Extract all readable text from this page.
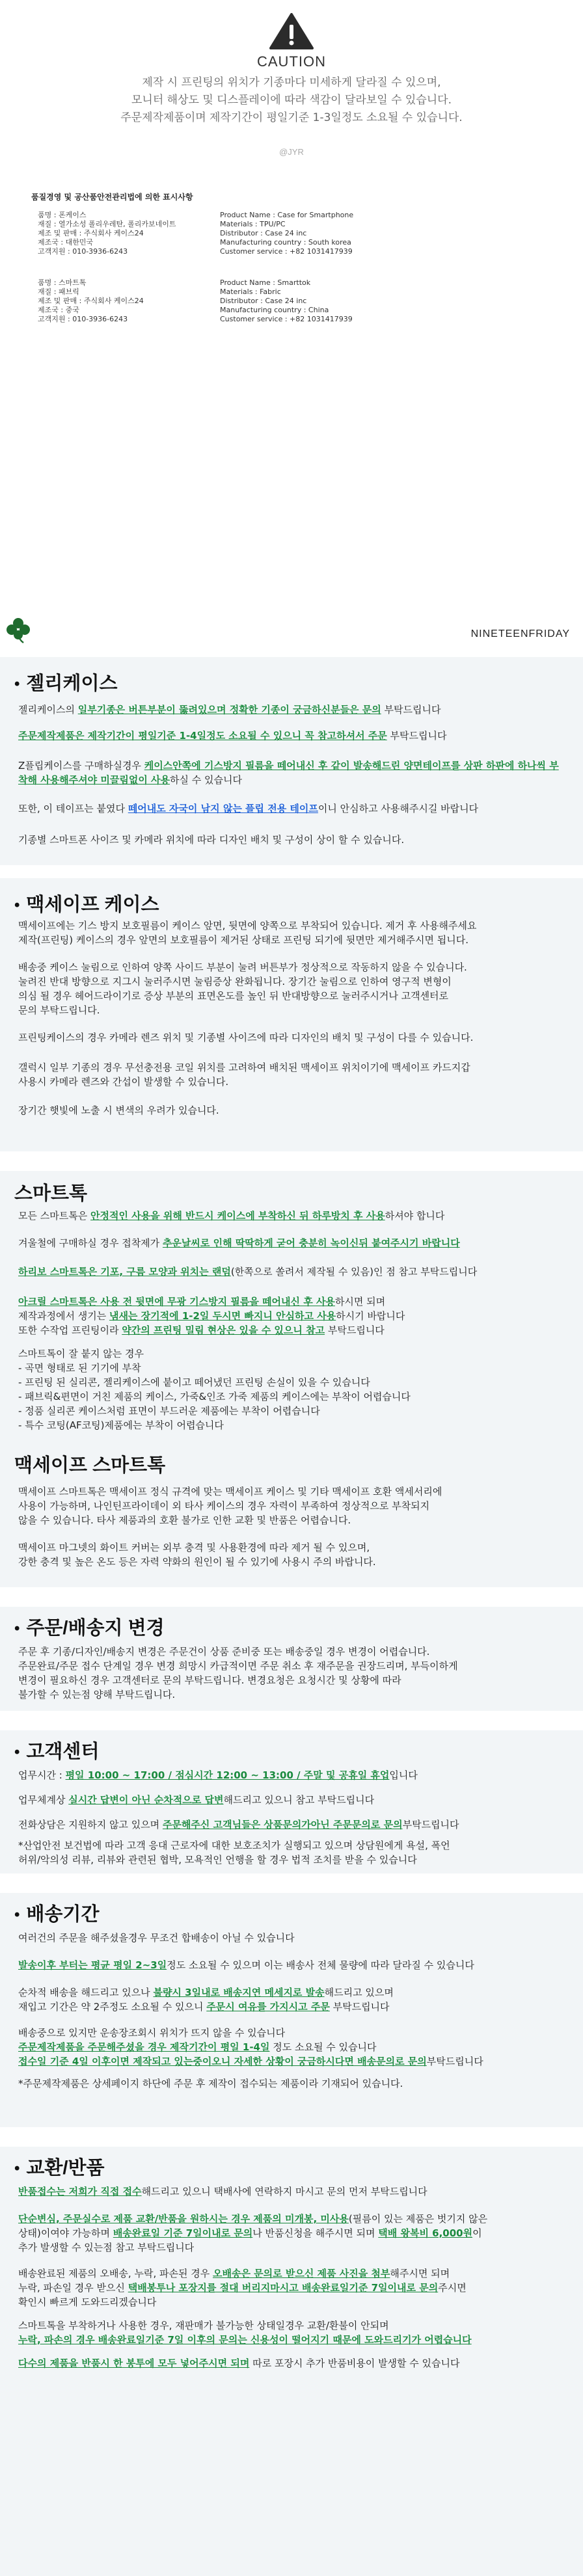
CAUTION
제작 시 프린팅의 위치가 기종마다 미세하게 달라질 수 있으며,
모니터 해상도 및 디스플레이에 따라 색감이 달라보일 수 있습니다.
주문제작제품이며 제작기간이 평일기준 1-3일정도 소요될 수 있습니다.
@JYR
품질경영 및 공산품안전관리법에 의한 표시사항
품명 : 폰케이스
재질 : 열가소성 폴리우레탄, 폴리카보네이트
제조 및 판매 : 주식회사 케이스24
제조국 : 대한민국
고객지원 : 010-3936-6243
Product Name : Case for Smartphone
Materials : TPU/PC
Distributor : Case 24 inc
Manufacturing country : South korea
Customer service : +82 1031417939
품명 : 스마트톡
재질 : 패브릭
제조 및 판매 : 주식회사 케이스24
제조국 : 중국
고객지원 : 010-3936-6243
Product Name : Smarttok
Materials : Fabric
Distributor : Case 24 inc
Manufacturing country : China
Customer service : +82 1031417939
NINETEENFRIDAY
• 젤리케이스
젤리케이스의 일부기종은 버튼부분이 뚫려있으며 정확한 기종이 궁금하신분들은 문의 부탁드립니다
주문제작제품은 제작기간이 평일기준 1-4일정도 소요될 수 있으니 꼭 참고하셔서 주문 부탁드립니다
Z플립케이스를 구매하실경우 케이스안쪽에 기스방지 필름을 떼어내신 후 같이 발송해드린 양면테이프를 상판 하판에 하나씩 부착해 사용해주셔야 미끌림없이 사용하실 수 있습니다
또한, 이 테이프는 붙였다 떼어내도 자국이 남지 않는 플립 전용 테이프이니 안심하고 사용해주시길 바랍니다
기종별 스마트폰 사이즈 및 카메라 위치에 따라 디자인 배치 및 구성이 상이 할 수 있습니다.
• 맥세이프 케이스
맥세이프에는 기스 방지 보호필름이 케이스 앞면, 뒷면에 양쪽으로 부착되어 있습니다. 제거 후 사용해주세요
제작(프린팅) 케이스의 경우 앞면의 보호필름이 제거된 상태로 프린팅 되기에 뒷면만 제거해주시면 됩니다.
배송중 케이스 눌림으로 인하여 양쪽 사이드 부분이 눌려 버튼부가 정상적으로 작동하지 않을 수 있습니다.
눌려진 반대 방향으로 지그시 눌러주시면 눌림증상 완화됩니다. 장기간 눌림으로 인하여 영구적 변형이
의심 될 경우 헤어드라이기로 증상 부분의 표면온도를 높인 뒤 반대방향으로 눌러주시거나 고객센터로
문의 부탁드립니다.
프린팅케이스의 경우 카메라 렌즈 위치 및 기종별 사이즈에 따라 디자인의 배치 및 구성이 다를 수 있습니다.
갤럭시 일부 기종의 경우 무선충전용 코일 위치를 고려하여 배치된 맥세이프 위치이기에 맥세이프 카드지갑
사용시 카메라 렌즈와 간섭이 발생할 수 있습니다.
장기간 햇빛에 노출 시 변색의 우려가 있습니다.
스마트톡
모든 스마트톡은 안정적인 사용을 위해 반드시 케이스에 부착하신 뒤 하루방치 후 사용하셔야 합니다
겨울철에 구매하실 경우 접착제가 추운날씨로 인해 딱딱하게 굳어 충분히 녹이신뒤 붙여주시기 바랍니다
하리보 스마트톡은 기포, 구름 모양과 위치는 랜덤(한쪽으로 쏠려서 제작될 수 있음)인 점 참고 부탁드립니다
아크릴 스마트톡은 사용 전 뒷면에 무광 기스방지 필름을 떼어내신 후 사용하시면 되며
제작과정에서 생기는 냄새는 장기적에 1-2일 두시면 빠지니 안심하고 사용하시기 바랍니다
또한 수작업 프린팅이라 약간의 프린팅 밀림 현상은 있을 수 있으니 참고 부탁드립니다
스마트톡이 잘 붙지 않는 경우
- 곡면 형태로 된 기기에 부착
- 프린팅 된 실리콘, 젤리케이스에 붙이고 떼어냈던 프린팅 손실이 있을 수 있습니다
- 패브릭&편면이 거친 제품의 케이스, 가죽&인조 가죽 제품의 케이스에는 부착이 어렵습니다
- 정품 실리콘 케이스처럼 표면이 부드러운 제품에는 부착이 어렵습니다
- 특수 코팅(AF코팅)제품에는 부착이 어렵습니다
맥세이프 스마트톡
맥세이프 스마트톡은 맥세이프 정식 규격에 맞는 맥세이프 케이스 및 기타 맥세이프 호환 액세서리에
사용이 가능하며, 나인틴프라이데이 외 타사 케이스의 경우 자력이 부족하여 정상적으로 부착되지
않을 수 있습니다. 타사 제품과의 호환 불가로 인한 교환 및 반품은 어렵습니다.
맥세이프 마그넷의 화이트 커버는 외부 충격 및 사용환경에 따라 제거 될 수 있으며,
강한 충격 및 높은 온도 등은 자력 약화의 원인이 될 수 있기에 사용시 주의 바랍니다.
• 주문/배송지 변경
주문 후 기종/디자인/배송지 변경은 주문건이 상품 준비중 또는 배송중일 경우 변경이 어렵습니다.
주문완료/주문 접수 단계일 경우 변경 희망시 카급적이면 주문 취소 후 재주문을 권장드리며, 부득이하게
변경이 필요하신 경우 고객센터로 문의 부탁드립니다. 변경요청은 요청시간 및 상황에 따라
불가할 수 있는점 양해 부탁드립니다.
• 고객센터
업무시간 : 평일 10:00 ~ 17:00 / 점심시간 12:00 ~ 13:00 / 주말 및 공휴일 휴업입니다
업무체계상 실시간 답변이 아닌 순차적으로 답변해드리고 있으니 참고 부탁드립니다
전화상담은 지원하지 않고 있으며 주문해주신 고객님들은 상품문의가아닌 주문문의로 문의부탁드립니다
*산업안전 보건법에 따라 고객 응대 근로자에 대한 보호조치가 실행되고 있으며 상담원에게 욕설, 폭언
허위/악의성 리뷰, 리뷰와 관련된 협박, 모욕적인 언행을 할 경우 법적 조치를 받을 수 있습니다
• 배송기간
여러건의 주문을 해주셨을경우 무조건 합배송이 아닐 수 있습니다
발송이후 부터는 평균 평일 2~3일정도 소요될 수 있으며 이는 배송사 전체 물량에 따라 달라질 수 있습니다
순차적 배송을 해드리고 있으나 불량시 3일내로 배송지연 메세지로 발송해드리고 있으며
재입고 기간은 약 2주정도 소요될 수 있으니 주문시 여유를 가지시고 주문 부탁드립니다
배송중으로 있지만 운송장조회시 위치가 뜨지 않을 수 있습니다
주문제작제품을 주문해주셨을 경우 제작기간이 평일 1-4일 정도 소요될 수 있습니다
접수일 기준 4일 이후이면 제작되고 있는중이오니 자세한 상황이 궁금하시다면 배송문의로 문의부탁드립니다
*주문제작제품은 상세페이지 하단에 주문 후 제작이 접수되는 제품이라 기재되어 있습니다.
• 교환/반품
반품접수는 저희가 직접 접수해드리고 있으니 택배사에 연락하지 마시고 문의 먼저 부탁드립니다
단순변심, 주문실수로 제품 교환/반품을 원하시는 경우 제품의 미개봉, 미사용(필름이 있는 제품은 벗기지 않은
상태)이여야 가능하며 배송완료일 기준 7일이내로 문의나 반품신청을 해주시면 되며 택배 왕복비 6,000원이
추가 발생할 수 있는점 참고 부탁드립니다
배송완료된 제품의 오배송, 누락, 파손된 경우 오배송은 문의로 받으신 제품 사진을 첨부해주시면 되며
누락, 파손일 경우 받으신 택배봉투나 포장지를 절대 버리지마시고 배송완료일기준 7일이내로 문의주시면
확인시 빠르게 도와드리겠습니다
스마트톡을 부착하거나 사용한 경우, 재판매가 불가능한 상태일경우 교환/환불이 안되며
누락, 파손의 경우 배송완료일기준 7일 이후의 문의는 신용성이 떨어지기 때문에 도와드리기가 어렵습니다
다수의 제품을 반품시 한 봉투에 모두 넣어주시면 되며 따로 포장시 추가 반품비용이 발생할 수 있습니다
